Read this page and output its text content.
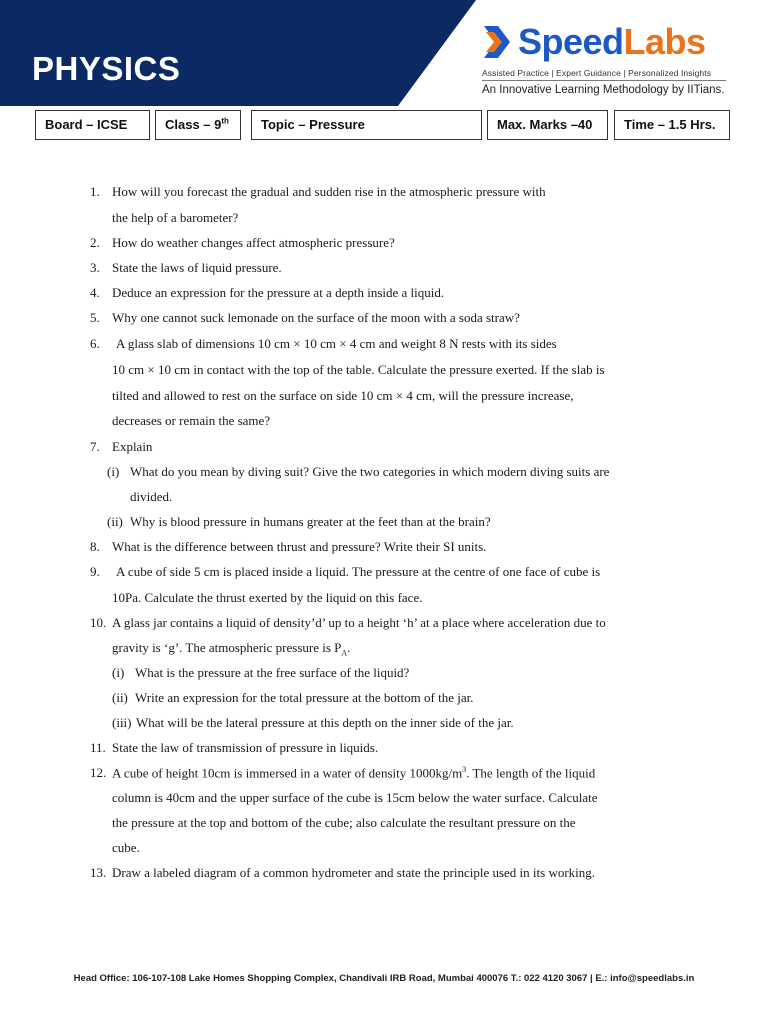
PHYSICS
SpeedLabs
Assisted Practice | Expert Guidance | Personalized Insights
An Innovative Learning Methodology by IITians.
Board – ICSE	Class – 9th	Topic – Pressure	Max. Marks –40	Time – 1.5 Hrs.
1. How will you forecast the gradual and sudden rise in the atmospheric pressure with
the help of a barometer?
2. How do weather changes affect atmospheric pressure?
3. State the laws of liquid pressure.
4. Deduce an expression for the pressure at a depth inside a liquid.
5. Why one cannot suck lemonade on the surface of the moon with a soda straw?
6. A glass slab of dimensions 10 cm × 10 cm × 4 cm and weight 8 N rests with its sides
10 cm × 10 cm in contact with the top of the table. Calculate the pressure exerted. If the slab is
tilted and allowed to rest on the surface on side 10 cm × 4 cm, will the pressure increase,
decreases or remain the same?
7. Explain
(i) What do you mean by diving suit? Give the two categories in which modern diving suits are
divided.
(ii) Why is blood pressure in humans greater at the feet than at the brain?
8. What is the difference between thrust and pressure? Write their SI units.
9. A cube of side 5 cm is placed inside a liquid. The pressure at the centre of one face of cube is
10Pa. Calculate the thrust exerted by the liquid on this face.
10. A glass jar contains a liquid of density’d’ up to a height ‘h’ at a place where acceleration due to
gravity is ‘g’. The atmospheric pressure is $P_A$.
(i) What is the pressure at the free surface of the liquid?
(ii) Write an expression for the total pressure at the bottom of the jar.
(iii) What will be the lateral pressure at this depth on the inner side of the jar.
11. State the law of transmission of pressure in liquids.
12. A cube of height 10cm is immersed in a water of density $1000kg/m^3$. The length of the liquid
column is 40cm and the upper surface of the cube is 15cm below the water surface. Calculate
the pressure at the top and bottom of the cube; also calculate the resultant pressure on the
cube.
13. Draw a labeled diagram of a common hydrometer and state the principle used in its working.
Head Office: 106-107-108 Lake Homes Shopping Complex, Chandivali IRB Road, Mumbai 400076 T.: 022 4120 3067 | E.: info@speedlabs.in
